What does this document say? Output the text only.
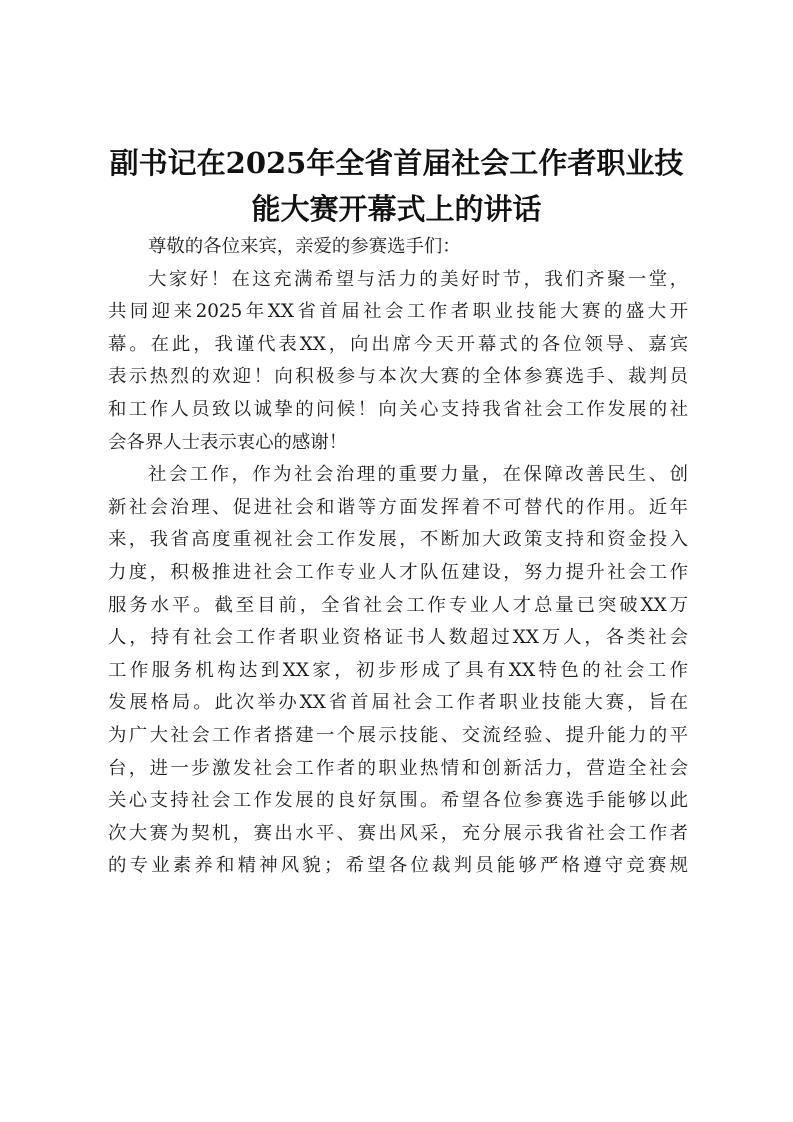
副书记在2025年全省首届社会工作者职业技
能大赛开幕式上的讲话
尊敬的各位来宾，亲爱的参赛选手们：
大家好！在这充满希望与活力的美好时节，我们齐聚一堂，
共同迎来2025年XX省首届社会工作者职业技能大赛的盛大开
幕。在此，我谨代表XX，向出席今天开幕式的各位领导、嘉宾
表示热烈的欢迎！向积极参与本次大赛的全体参赛选手、裁判员
和工作人员致以诚挚的问候！向关心支持我省社会工作发展的社
会各界人士表示衷心的感谢！
社会工作，作为社会治理的重要力量，在保障改善民生、创
新社会治理、促进社会和谐等方面发挥着不可替代的作用。近年
来，我省高度重视社会工作发展，不断加大政策支持和资金投入
力度，积极推进社会工作专业人才队伍建设，努力提升社会工作
服务水平。截至目前，全省社会工作专业人才总量已突破XX万
人，持有社会工作者职业资格证书人数超过XX万人，各类社会
工作服务机构达到XX家，初步形成了具有XX特色的社会工作
发展格局。此次举办XX省首届社会工作者职业技能大赛，旨在
为广大社会工作者搭建一个展示技能、交流经验、提升能力的平
台，进一步激发社会工作者的职业热情和创新活力，营造全社会
关心支持社会工作发展的良好氛围。希望各位参赛选手能够以此
次大赛为契机，赛出水平、赛出风采，充分展示我省社会工作者
的专业素养和精神风貌；希望各位裁判员能够严格遵守竞赛规
